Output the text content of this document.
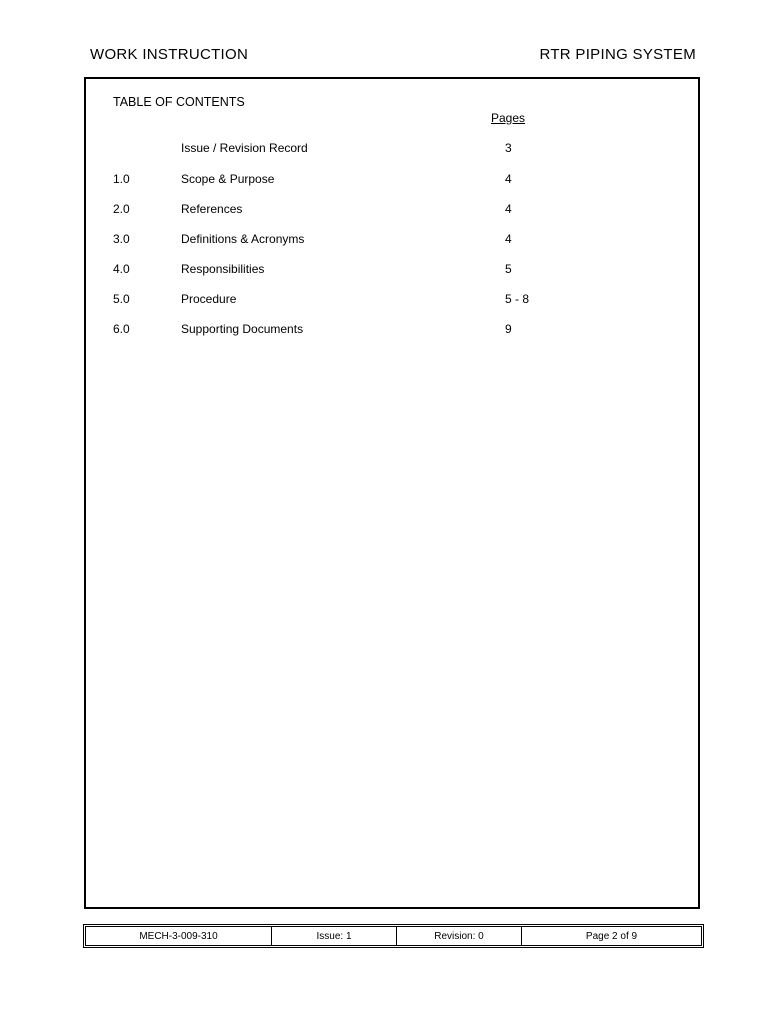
WORK INSTRUCTION	RTR PIPING SYSTEM
TABLE OF CONTENTS
Pages
Issue / Revision Record	3
1.0	Scope & Purpose	4
2.0	References	4
3.0	Definitions & Acronyms	4
4.0	Responsibilities	5
5.0	Procedure	5 - 8
6.0	Supporting Documents	9
MECH-3-009-310	Issue: 1	Revision: 0	Page 2 of 9
